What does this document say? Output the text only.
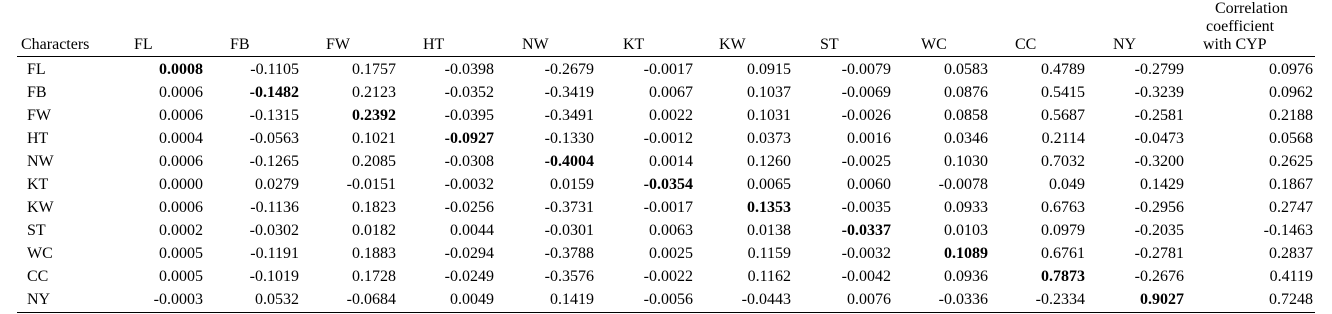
Characters	FL	FB	FW	HT	NW	KT	KW	ST	WC	CC	NY
Correlation
coefficient
with CYP
FL	0.0008	-0.1105	0.1757	-0.0398	-0.2679	-0.0017	0.0915	-0.0079	0.0583	0.4789	-0.2799	0.0976
FB	0.0006	-0.1482	0.2123	-0.0352	-0.3419	0.0067	0.1037	-0.0069	0.0876	0.5415	-0.3239	0.0962
FW	0.0006	-0.1315	0.2392	-0.0395	-0.3491	0.0022	0.1031	-0.0026	0.0858	0.5687	-0.2581	0.2188
HT	0.0004	-0.0563	0.1021	-0.0927	-0.1330	-0.0012	0.0373	0.0016	0.0346	0.2114	-0.0473	0.0568
NW	0.0006	-0.1265	0.2085	-0.0308	-0.4004	0.0014	0.1260	-0.0025	0.1030	0.7032	-0.3200	0.2625
KT	0.0000	0.0279	-0.0151	-0.0032	0.0159	-0.0354	0.0065	0.0060	-0.0078	0.049	0.1429	0.1867
KW	0.0006	-0.1136	0.1823	-0.0256	-0.3731	-0.0017	0.1353	-0.0035	0.0933	0.6763	-0.2956	0.2747
ST	0.0002	-0.0302	0.0182	0.0044	-0.0301	0.0063	0.0138	-0.0337	0.0103	0.0979	-0.2035	-0.1463
WC	0.0005	-0.1191	0.1883	-0.0294	-0.3788	0.0025	0.1159	-0.0032	0.1089	0.6761	-0.2781	0.2837
CC	0.0005	-0.1019	0.1728	-0.0249	-0.3576	-0.0022	0.1162	-0.0042	0.0936	0.7873	-0.2676	0.4119
NY	-0.0003	0.0532	-0.0684	0.0049	0.1419	-0.0056	-0.0443	0.0076	-0.0336	-0.2334	0.9027	0.7248
